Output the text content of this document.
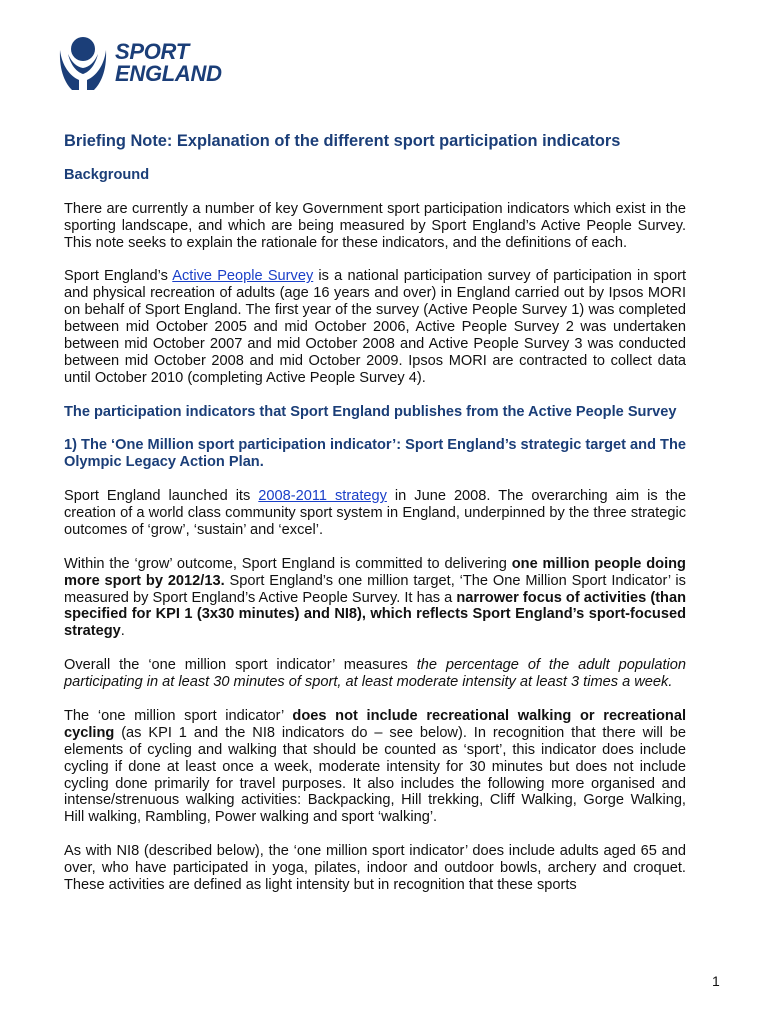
SPORT
ENGLAND
Briefing Note: Explanation of the different sport participation indicators

Background

There are currently a number of key Government sport participation indicators which exist in the sporting landscape, and which are being measured by Sport England’s Active People Survey. This note seeks to explain the rationale for these indicators, and the definitions of each.

Sport England’s Active People Survey is a national participation survey of participation in sport and physical recreation of adults (age 16 years and over) in England carried out by Ipsos MORI on behalf of Sport England. The first year of the survey (Active People Survey 1) was completed between mid October 2005 and mid October 2006, Active People Survey 2 was undertaken between mid October 2007 and mid October 2008 and Active People Survey 3 was conducted between mid October 2008 and mid October 2009. Ipsos MORI are contracted to collect data until October 2010 (completing Active People Survey 4).

The participation indicators that Sport England publishes from the Active People Survey

1) The ‘One Million sport participation indicator’: Sport England’s strategic target and The Olympic Legacy Action Plan.

Sport England launched its 2008-2011 strategy in June 2008. The overarching aim is the creation of a world class community sport system in England, underpinned by the three strategic outcomes of ‘grow’, ‘sustain’ and ‘excel’.

Within the ‘grow’ outcome, Sport England is committed to delivering one million people doing more sport by 2012/13. Sport England’s one million target, ‘The One Million Sport Indicator’ is measured by Sport England’s Active People Survey. It has a narrower focus of activities (than specified for KPI 1 (3x30 minutes) and NI8), which reflects Sport England’s sport-focused strategy.

Overall the ‘one million sport indicator’ measures the percentage of the adult population participating in at least 30 minutes of sport, at least moderate intensity at least 3 times a week.

The ‘one million sport indicator’ does not include recreational walking or recreational cycling (as KPI 1 and the NI8 indicators do – see below). In recognition that there will be elements of cycling and walking that should be counted as ‘sport’, this indicator does include cycling if done at least once a week, moderate intensity for 30 minutes but does not include cycling done primarily for travel purposes. It also includes the following more organised and intense/strenuous walking activities: Backpacking, Hill trekking, Cliff Walking, Gorge Walking, Hill walking, Rambling, Power walking and sport ‘walking’.

As with NI8 (described below), the ‘one million sport indicator’ does include adults aged 65 and over, who have participated in yoga, pilates, indoor and outdoor bowls, archery and croquet. These activities are defined as light intensity but in recognition that these sports

1
